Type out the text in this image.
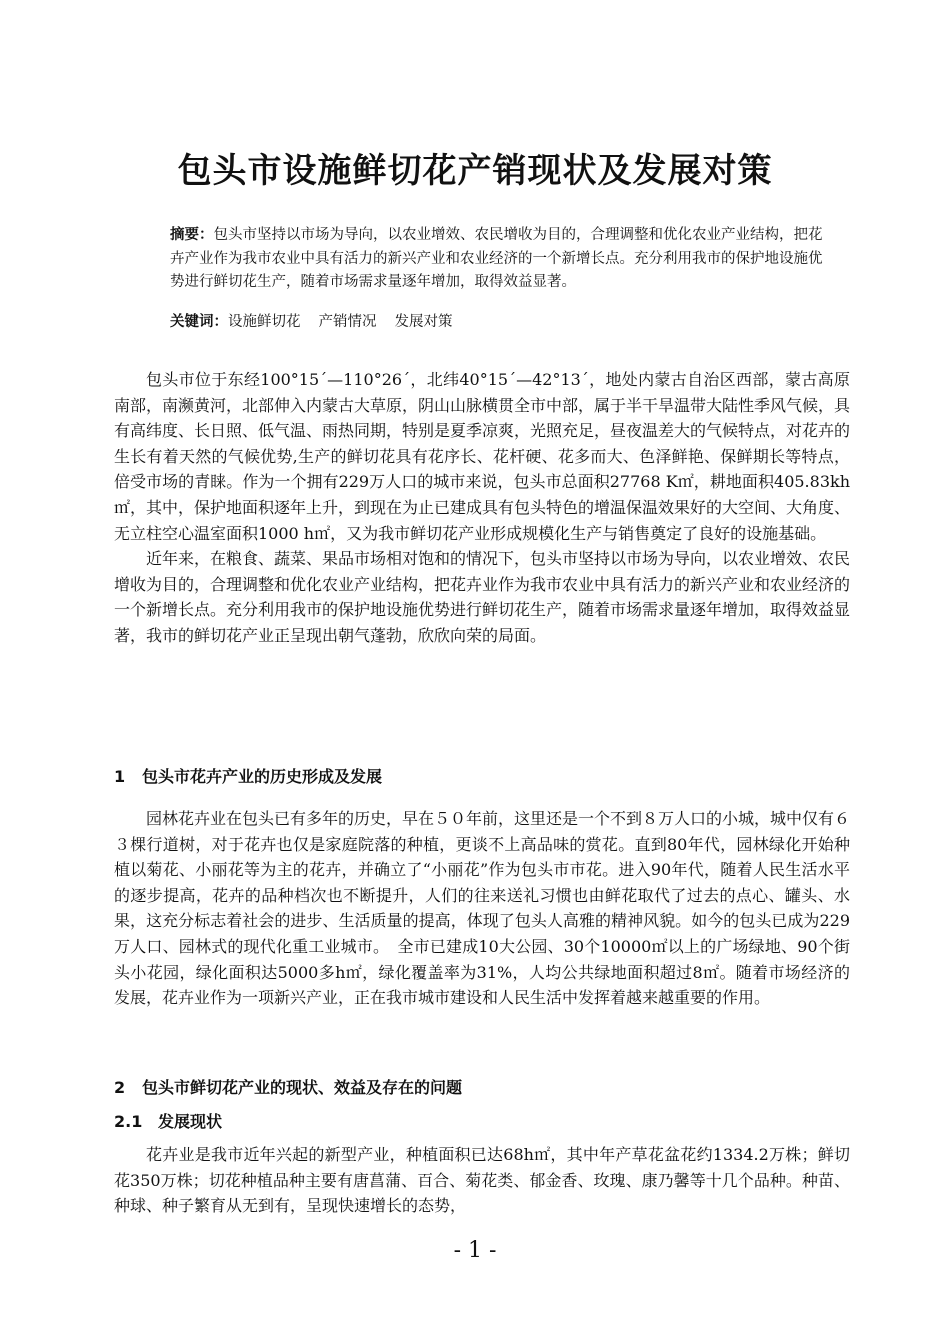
包头市设施鲜切花产销现状及发展对策

摘要：包头市坚持以市场为导向，以农业增效、农民增收为目的，合理调整和优化农业产业结构，把花卉产业作为我市农业中具有活力的新兴产业和农业经济的一个新增长点。充分利用我市的保护地设施优势进行鲜切花生产，随着市场需求量逐年增加，取得效益显著。

关键词：设施鲜切花 产销情况 发展对策

包头市位于东经100°15´—110°26´，北纬40°15´—42°13´，地处内蒙古自治区西部，蒙古高原南部，南濒黄河，北部伸入内蒙古大草原，阴山山脉横贯全市中部，属于半干旱温带大陆性季风气候，具有高纬度、长日照、低气温、雨热同期，特别是夏季凉爽，光照充足，昼夜温差大的气候特点，对花卉的生长有着天然的气候优势,生产的鲜切花具有花序长、花杆硬、花多而大、色泽鲜艳、保鲜期长等特点，倍受市场的青睐。作为一个拥有229万人口的城市来说，包头市总面积27768 K㎡，耕地面积405.83kh㎡，其中，保护地面积逐年上升，到现在为止已建成具有包头特色的增温保温效果好的大空间、大角度、无立柱空心温室面积1000 h㎡，又为我市鲜切花产业形成规模化生产与销售奠定了良好的设施基础。

近年来，在粮食、蔬菜、果品市场相对饱和的情况下，包头市坚持以市场为导向，以农业增效、农民增收为目的，合理调整和优化农业产业结构，把花卉业作为我市农业中具有活力的新兴产业和农业经济的一个新增长点。充分利用我市的保护地设施优势进行鲜切花生产，随着市场需求量逐年增加，取得效益显著，我市的鲜切花产业正呈现出朝气蓬勃，欣欣向荣的局面。

1 包头市花卉产业的历史形成及发展

园林花卉业在包头已有多年的历史，早在５０年前，这里还是一个不到８万人口的小城，城中仅有６３棵行道树，对于花卉也仅是家庭院落的种植，更谈不上高品味的赏花。直到80年代，园林绿化开始种植以菊花、小丽花等为主的花卉，并确立了“小丽花”作为包头市市花。进入90年代，随着人民生活水平的逐步提高，花卉的品种档次也不断提升，人们的往来送礼习惯也由鲜花取代了过去的点心、罐头、水果，这充分标志着社会的进步、生活质量的提高，体现了包头人高雅的精神风貌。如今的包头已成为229万人口、园林式的现代化重工业城市。　全市已建成10大公园、30个10000㎡以上的广场绿地、90个街头小花园，绿化面积达5000多h㎡，绿化覆盖率为31%，人均公共绿地面积超过8㎡。随着市场经济的发展，花卉业作为一项新兴产业，正在我市城市建设和人民生活中发挥着越来越重要的作用。

2 包头市鲜切花产业的现状、效益及存在的问题
2.1 发展现状

花卉业是我市近年兴起的新型产业，种植面积已达68h㎡，其中年产草花盆花约1334.2万株；鲜切花350万株；切花种植品种主要有唐菖蒲、百合、菊花类、郁金香、玫瑰、康乃馨等十几个品种。种苗、种球、种子繁育从无到有，呈现快速增长的态势，

- 1 -
